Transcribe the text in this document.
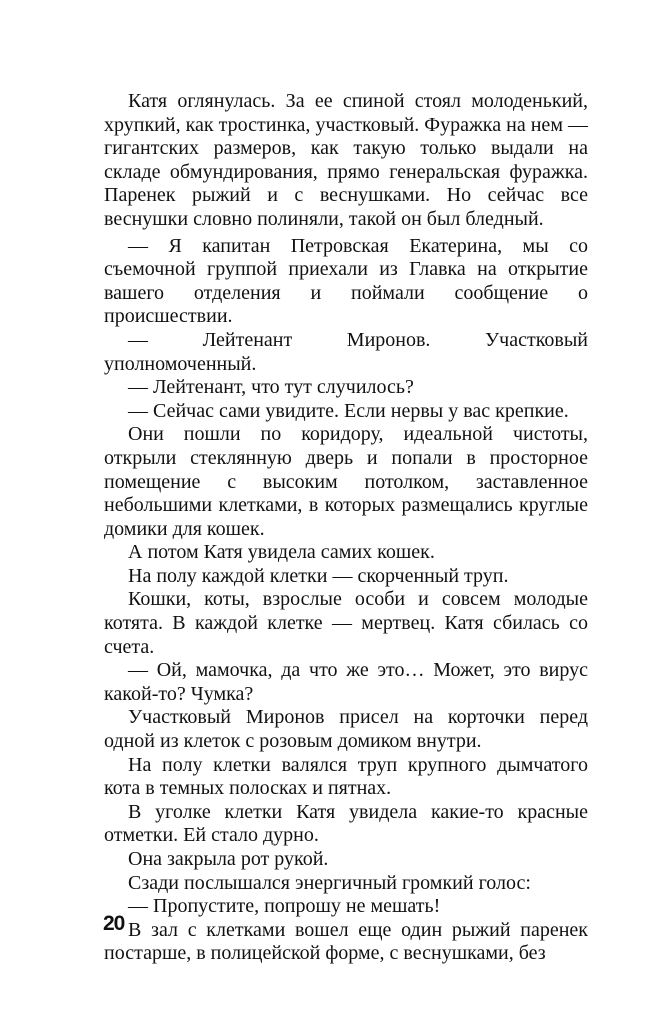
Катя оглянулась. За ее спиной стоял молоденький, хрупкий, как тростинка, участковый. Фуражка на нем — гигантских размеров, как такую только выдали на складе обмундирования, прямо генеральская фуражка. Паренек рыжий и с веснушками. Но сейчас все веснушки словно полиняли, такой он был бледный.

— Я капитан Петровская Екатерина, мы со съемочной группой приехали из Главка на открытие вашего отделения и поймали сообщение о происшествии.

— Лейтенант Миронов. Участковый уполномоченный.

— Лейтенант, что тут случилось?

— Сейчас сами увидите. Если нервы у вас крепкие.

Они пошли по коридору, идеальной чистоты, открыли стеклянную дверь и попали в просторное помещение с высоким потолком, заставленное небольшими клетками, в которых размещались круглые домики для кошек.

А потом Катя увидела самих кошек.

На полу каждой клетки — скорченный труп.

Кошки, коты, взрослые особи и совсем молодые котята. В каждой клетке — мертвец. Катя сбилась со счета.

— Ой, мамочка, да что же это… Может, это вирус какой-то? Чумка?

Участковый Миронов присел на корточки перед одной из клеток с розовым домиком внутри.

На полу клетки валялся труп крупного дымчатого кота в темных полосках и пятнах.

В уголке клетки Катя увидела какие-то красные отметки. Ей стало дурно.

Она закрыла рот рукой.

Сзади послышался энергичный громкий голос:

— Пропустите, попрошу не мешать!

В зал с клетками вошел еще один рыжий паренек постарше, в полицейской форме, с веснушками, без

20
